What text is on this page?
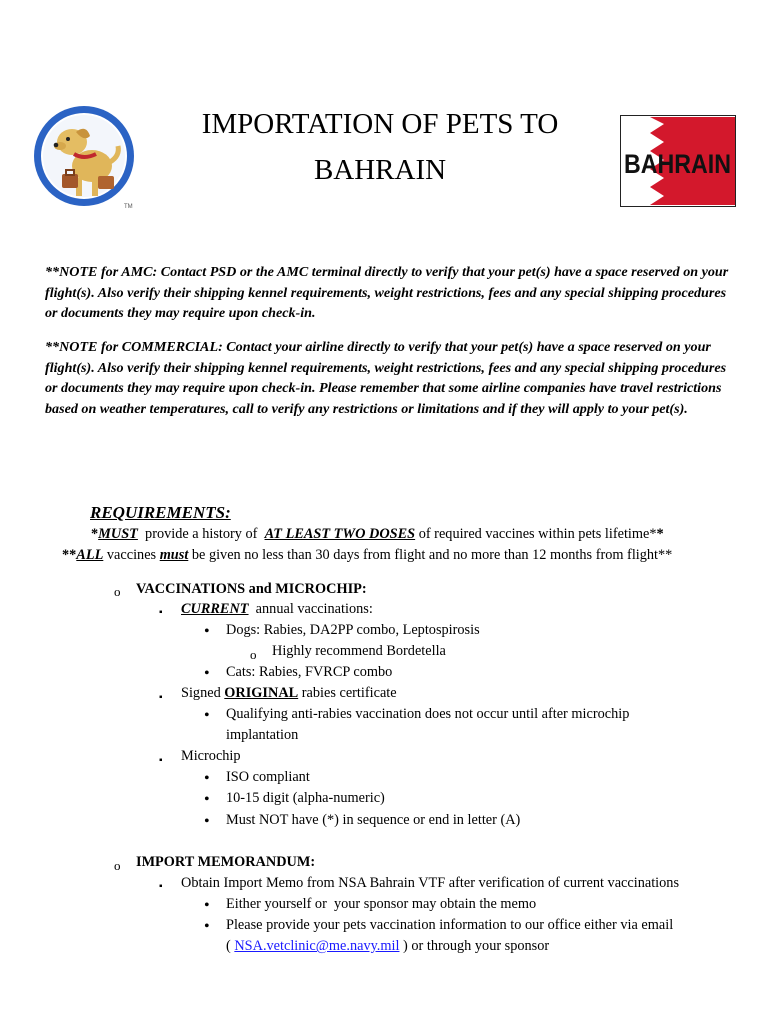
TM
BAHRAIN
IMPORTATION OF PETS TO
BAHRAIN
**NOTE for AMC: Contact PSD or the AMC terminal directly to verify that your pet(s) have a space reserved on your flight(s). Also verify their shipping kennel requirements, weight restrictions, fees and any special shipping procedures or documents they may require upon check-in.
**NOTE for COMMERCIAL: Contact your airline directly to verify that your pet(s) have a space reserved on your flight(s). Also verify their shipping kennel requirements, weight restrictions, fees and any special shipping procedures or documents they may require upon check-in. Please remember that some airline companies have travel restrictions based on weather temperatures, call to verify any restrictions or limitations and if they will apply to your pet(s).
REQUIREMENTS:
*MUST  provide a history of  AT LEAST TWO DOSES of required vaccines within pets lifetime**
**ALL vaccines must be given no less than 30 days from flight and no more than 12 months from flight**
o VACCINATIONS and MICROCHIP:
▪ CURRENT  annual vaccinations:
• Dogs: Rabies, DA2PP combo, Leptospirosis
o Highly recommend Bordetella
• Cats: Rabies, FVRCP combo
▪ Signed ORIGINAL rabies certificate
• Qualifying anti-rabies vaccination does not occur until after microchip
implantation
▪ Microchip
• ISO compliant
• 10-15 digit (alpha-numeric)
• Must NOT have (*) in sequence or end in letter (A)
o IMPORT MEMORANDUM:
▪ Obtain Import Memo from NSA Bahrain VTF after verification of current vaccinations
• Either yourself or  your sponsor may obtain the memo
• Please provide your pets vaccination information to our office either via email
( NSA.vetclinic@me.navy.mil ) or through your sponsor
